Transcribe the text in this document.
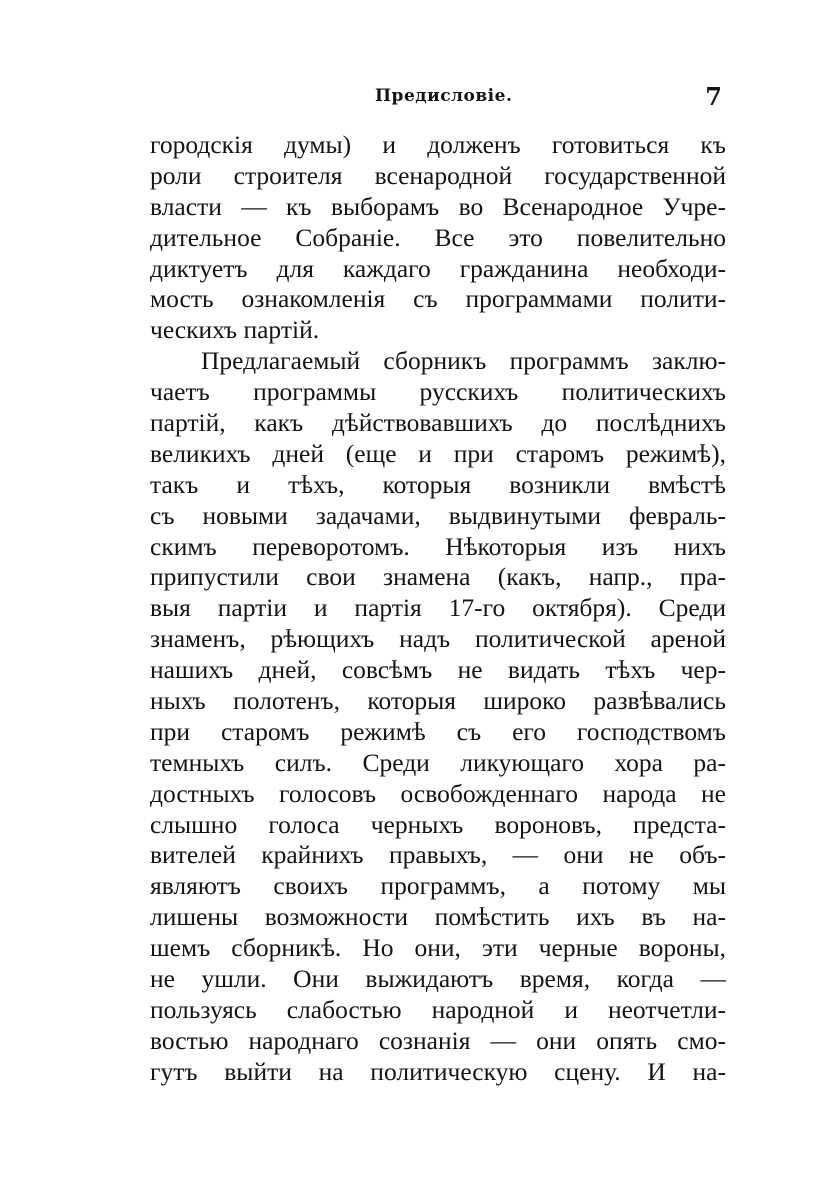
Предисловіе.	7
городскія думы) и долженъ готовиться къ
роли строителя всенародной государственной
власти — къ выборамъ во Всенародное Учре-
дительное Собраніе. Все это повелительно
диктуетъ для каждаго гражданина необходи-
мость ознакомленія съ программами полити-
ческихъ партій.
Предлагаемый сборникъ программъ заклю-
чаетъ программы русскихъ политическихъ
партій, какъ дѣйствовавшихъ до послѣднихъ
великихъ дней (еще и при старомъ режимѣ),
такъ и тѣхъ, которыя возникли вмѣстѣ
съ новыми задачами, выдвинутыми февраль-
скимъ переворотомъ. Нѣкоторыя изъ нихъ
припустили свои знамена (какъ, напр., пра-
выя партіи и партія 17-го октября). Среди
знаменъ, рѣющихъ надъ политической ареной
нашихъ дней, совсѣмъ не видать тѣхъ чер-
ныхъ полотенъ, которыя широко развѣвались
при старомъ режимѣ съ его господствомъ
темныхъ силъ. Среди ликующаго хора ра-
достныхъ голосовъ освобожденнаго народа не
слышно голоса черныхъ вороновъ, предста-
вителей крайнихъ правыхъ, — они не объ-
являютъ своихъ программъ, а потому мы
лишены возможности помѣстить ихъ въ на-
шемъ сборникѣ. Но они, эти черные вороны,
не ушли. Они выжидаютъ время, когда —
пользуясь слабостью народной и неотчетли-
востью народнаго сознанія — они опять смо-
гутъ выйти на политическую сцену. И на-
